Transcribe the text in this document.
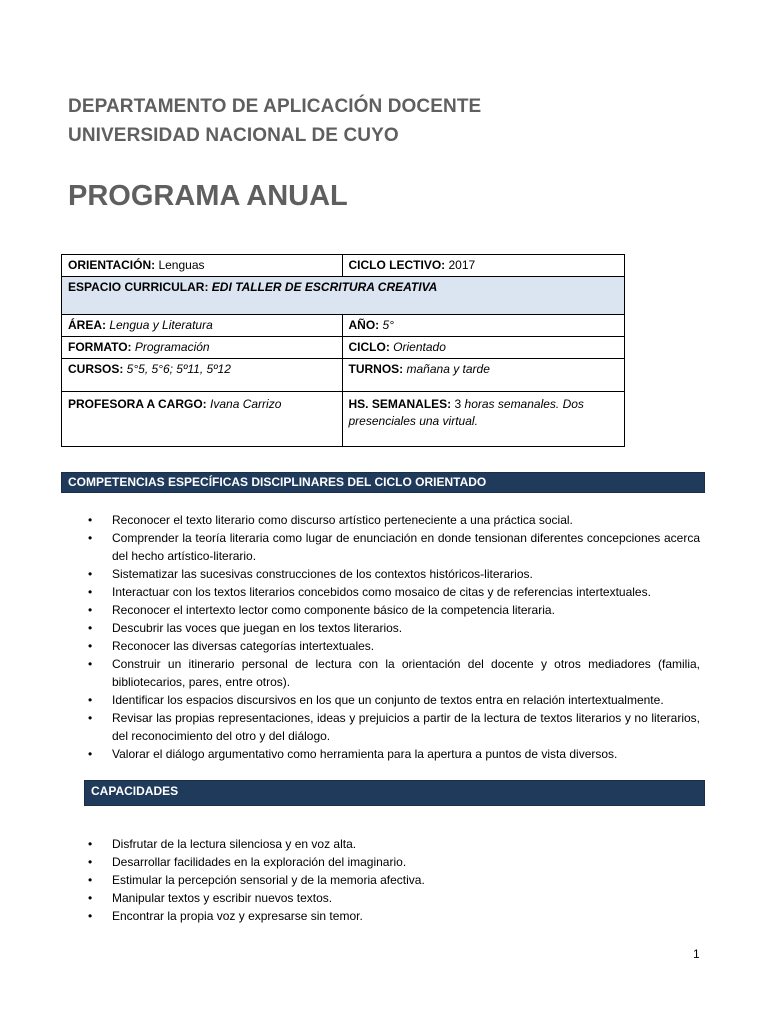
DEPARTAMENTO DE APLICACIÓN DOCENTE
UNIVERSIDAD NACIONAL DE CUYO
PROGRAMA ANUAL
ORIENTACIÓN: Lenguas	CICLO LECTIVO: 2017
ESPACIO CURRICULAR: EDI TALLER DE ESCRITURA CREATIVA	
ÁREA: Lengua y Literatura	AÑO: 5°
FORMATO: Programación	CICLO: Orientado
CURSOS: 5°5, 5°6; 5º11, 5º12	TURNOS: mañana y tarde
PROFESORA A CARGO: Ivana Carrizo	HS. SEMANALES: 3 horas semanales. Dos presenciales una virtual.
COMPETENCIAS ESPECÍFICAS DISCIPLINARES DEL CICLO ORIENTADO
• Reconocer el texto literario como discurso artístico perteneciente a una práctica social.
• Comprender la teoría literaria como lugar de enunciación en donde tensionan diferentes concepciones acerca del hecho artístico-literario.
• Sistematizar las sucesivas construcciones de los contextos históricos-literarios.
• Interactuar con los textos literarios concebidos como mosaico de citas y de referencias intertextuales.
• Reconocer el intertexto lector como componente básico de la competencia literaria.
• Descubrir las voces que juegan en los textos literarios.
• Reconocer las diversas categorías intertextuales.
• Construir un itinerario personal de lectura con la orientación del docente y otros mediadores (familia, bibliotecarios, pares, entre otros).
• Identificar los espacios discursivos en los que un conjunto de textos entra en relación intertextualmente.
• Revisar las propias representaciones, ideas y prejuicios a partir de la lectura de textos literarios y no literarios, del reconocimiento del otro y del diálogo.
• Valorar el diálogo argumentativo como herramienta para la apertura a puntos de vista diversos.
CAPACIDADES
• Disfrutar de la lectura silenciosa y en voz alta.
• Desarrollar facilidades en la exploración del imaginario.
• Estimular la percepción sensorial y de la memoria afectiva.
• Manipular textos y escribir nuevos textos.
• Encontrar la propia voz y expresarse sin temor.
1
